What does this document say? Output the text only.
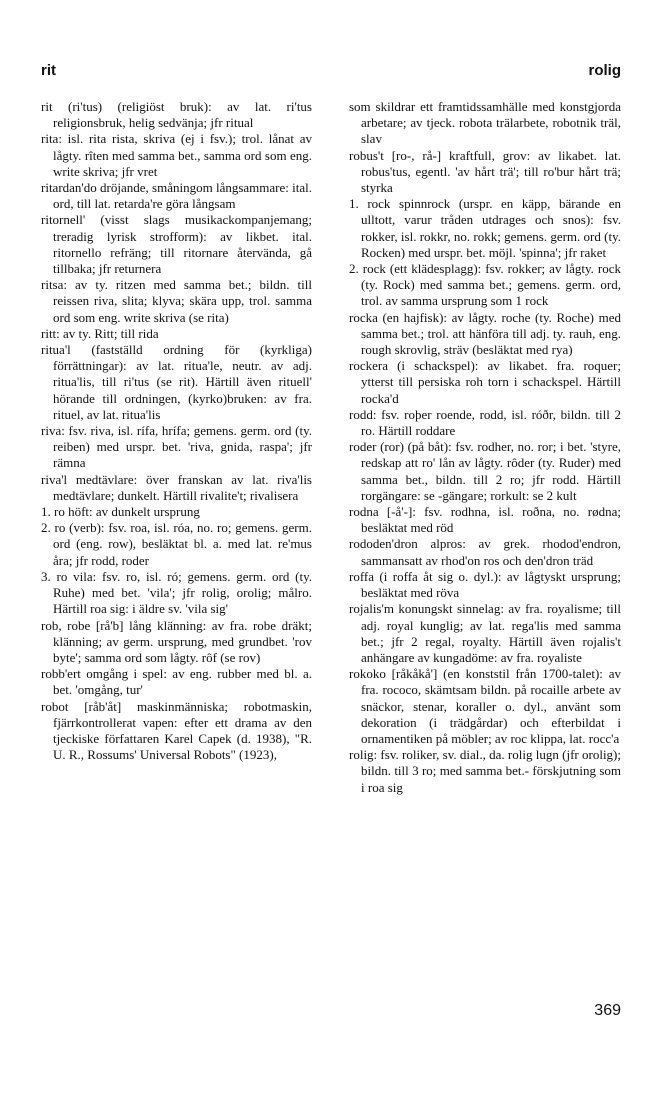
rit	rolig

rit (ri'tus) (religiöst bruk): av lat. ri'tus religionsbruk, helig sedvänja; jfr ritual

rita: isl. rita rista, skriva (ej i fsv.); trol. lånat av lågty. rîten med samma bet., samma ord som eng. write skriva; jfr vret

ritardan'do dröjande, småningom långsammare: ital. ord, till lat. retarda're göra långsam

ritornell' (visst slags musikackompanjemang; treradig lyrisk strofform): av likbet. ital. ritornello refräng; till ritornare återvända, gå tillbaka; jfr returnera

ritsa: av ty. ritzen med samma bet.; bildn. till reissen riva, slita; klyva; skära upp, trol. samma ord som eng. write skriva (se rita)

ritt: av ty. Ritt; till rida

ritua'l (fastställd ordning för (kyrkliga) förrättningar): av lat. ritua'le, neutr. av adj. ritua'lis, till ri'tus (se rit). Härtill även rituell' hörande till ordningen, (kyrko)bruken: av fra. rituel, av lat. ritua'lis

riva: fsv. riva, isl. rífa, hrífa; gemens. germ. ord (ty. reiben) med urspr. bet. 'riva, gnida, raspa'; jfr rämna

riva'l medtävlare: över franskan av lat. riva'lis medtävlare; dunkelt. Härtill rivalite't; rivalisera

1. ro höft: av dunkelt ursprung

2. ro (verb): fsv. roa, isl. róa, no. ro; gemens. germ. ord (eng. row), besläktat bl. a. med lat. re'mus åra; jfr rodd, roder

3. ro vila: fsv. ro, isl. ró; gemens. germ. ord (ty. Ruhe) med bet. 'vila'; jfr rolig, orolig; målro. Härtill roa sig: i äldre sv. 'vila sig'

rob, robe [rå'b] lång klänning: av fra. robe dräkt; klänning; av germ. ursprung, med grundbet. 'rov byte'; samma ord som lågty. rôf (se rov)

robb'ert omgång i spel: av eng. rubber med bl. a. bet. 'omgång, tur'

robot [råb'åt] maskinmänniska; robotmaskin, fjärrkontrollerat vapen: efter ett drama av den tjeckiske författaren Karel Capek (d. 1938), "R. U. R., Rossums' Universal Robots" (1923),

som skildrar ett framtidssamhälle med konstgjorda arbetare; av tjeck. robota trälarbete, robotnik träl, slav

robus't [ro-, rå-] kraftfull, grov: av likabet. lat. robus'tus, egentl. 'av hårt trä'; till ro'bur hårt trä; styrka

1. rock spinnrock (urspr. en käpp, bärande en ulltott, varur tråden utdrages och snos): fsv. rokker, isl. rokkr, no. rokk; gemens. germ. ord (ty. Rocken) med urspr. bet. möjl. 'spinna'; jfr raket

2. rock (ett klädesplagg): fsv. rokker; av lågty. rock (ty. Rock) med samma bet.; gemens. germ. ord, trol. av samma ursprung som 1 rock

rocka (en hajfisk): av lågty. roche (ty. Roche) med samma bet.; trol. att hänföra till adj. ty. rauh, eng. rough skrovlig, sträv (besläktat med rya)

rockera (i schackspel): av likabet. fra. roquer; ytterst till persiska roh torn i schackspel. Härtill rocka'd

rodd: fsv. roþer roende, rodd, isl. róðr, bildn. till 2 ro. Härtill roddare

roder (ror) (på båt): fsv. rodher, no. ror; i bet. 'styre, redskap att ro' lån av lågty. rôder (ty. Ruder) med samma bet., bildn. till 2 ro; jfr rodd. Härtill rorgängare: se -gängare; rorkult: se 2 kult

rodna [-å'-]: fsv. rodhna, isl. roðna, no. rødna; besläktat med röd

rododen'dron alpros: av grek. rhodod'endron, sammansatt av rhod'on ros och den'dron träd

roffa (i roffa åt sig o. dyl.): av lågtyskt ursprung; besläktat med röva

rojalis'm konungskt sinnelag: av fra. royalisme; till adj. royal kunglig; av lat. rega'lis med samma bet.; jfr 2 regal, royalty. Härtill även rojalis't anhängare av kungadöme: av fra. royaliste

rokoko [råkåkå'] (en konststil från 1700-talet): av fra. rococo, skämtsam bildn. på rocaille arbete av snäckor, stenar, koraller o. dyl., använt som dekoration (i trädgårdar) och efterbildat i ornamentiken på möbler; av roc klippa, lat. rocc'a

rolig: fsv. roliker, sv. dial., da. rolig lugn (jfr orolig); bildn. till 3 ro; med samma bet.- förskjutning som i roa sig

369
